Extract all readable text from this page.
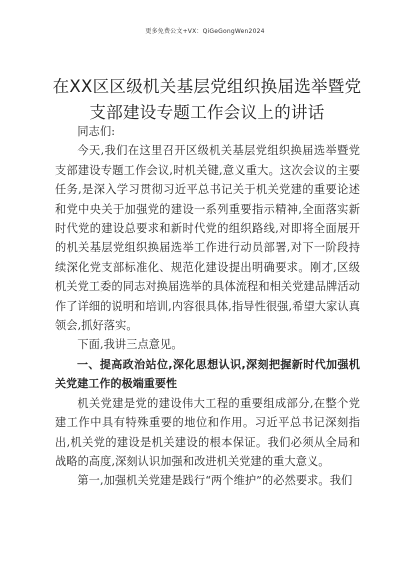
更多免费公文+VX：QiGeGongWen2024
在XX区区级机关基层党组织换届选举暨党支部建设专题工作会议上的讲话

同志们:

今天,我们在这里召开区级机关基层党组织换届选举暨党支部建设专题工作会议,时机关键,意义重大。这次会议的主要任务,是深入学习贯彻习近平总书记关于机关党建的重要论述和党中央关于加强党的建设一系列重要指示精神,全面落实新时代党的建设总要求和新时代党的组织路线,对即将全面展开的机关基层党组织换届选举工作进行动员部署,对下一阶段持续深化党支部标准化、规范化建设提出明确要求。刚才,区级机关党工委的同志对换届选举的具体流程和相关党建品牌活动作了详细的说明和培训,内容很具体,指导性很强,希望大家认真领会,抓好落实。

下面,我讲三点意见。

一、提高政治站位,深化思想认识,深刻把握新时代加强机关党建工作的极端重要性

机关党建是党的建设伟大工程的重要组成部分,在整个党建工作中具有特殊重要的地位和作用。习近平总书记深刻指出,机关党的建设是机关建设的根本保证。我们必须从全局和战略的高度,深刻认识加强和改进机关党建的重大意义。

第一,加强机关党建是践行“两个维护”的必然要求。我们
